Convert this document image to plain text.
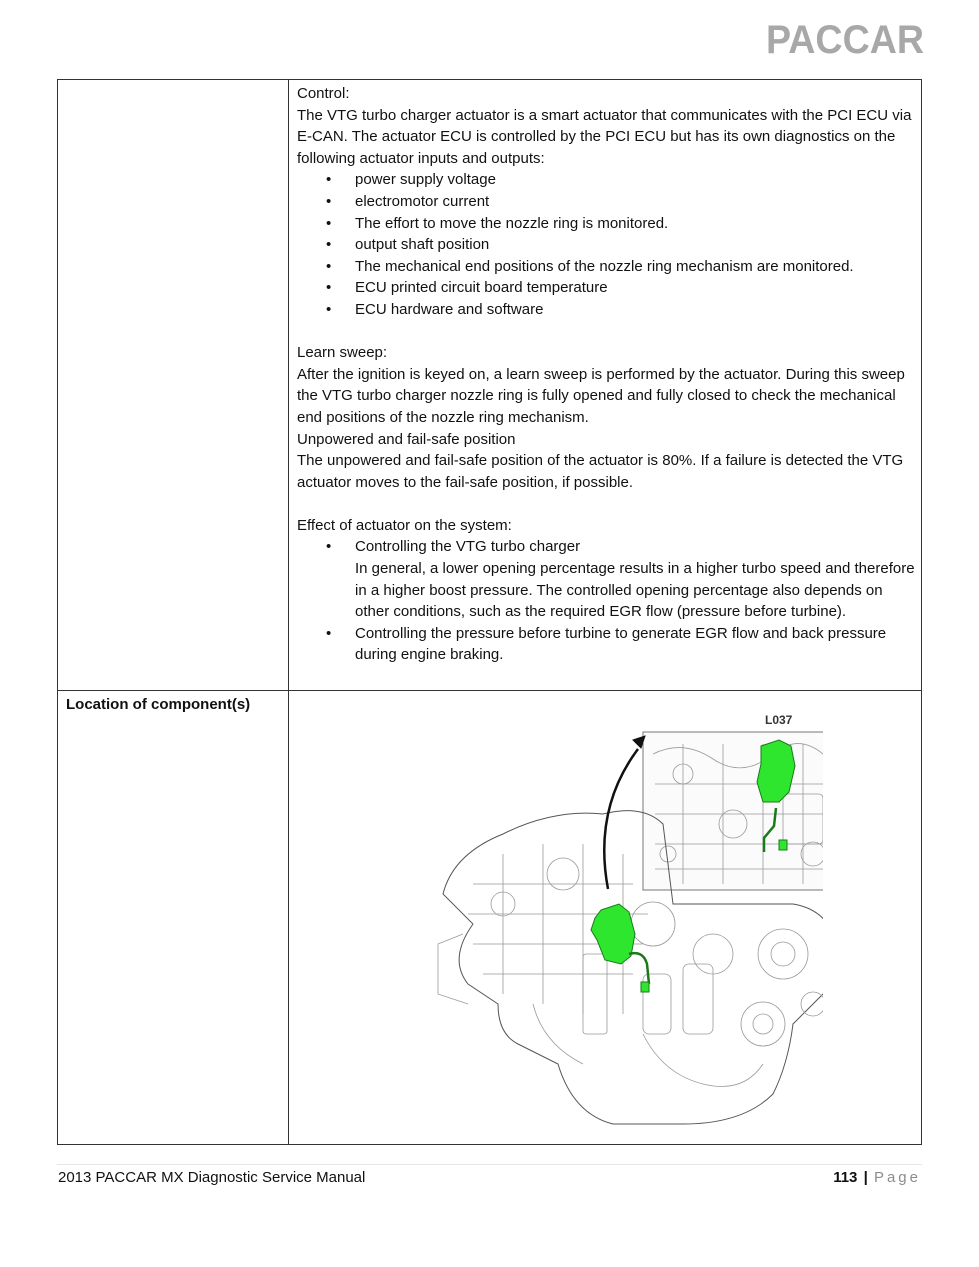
PACCAR

Control:

The VTG turbo charger actuator is a smart actuator that communicates with the PCI ECU via E-CAN. The actuator ECU is controlled by the PCI ECU but has its own diagnostics on the following actuator inputs and outputs:

• power supply voltage
• electromotor current
• The effort to move the nozzle ring is monitored.
• output shaft position
• The mechanical end positions of the nozzle ring mechanism are monitored.
• ECU printed circuit board temperature
• ECU hardware and software

Learn sweep:

After the ignition is keyed on, a learn sweep is performed by the actuator. During this sweep the VTG turbo charger nozzle ring is fully opened and fully closed to check the mechanical end positions of the nozzle ring mechanism.

Unpowered and fail-safe position

The unpowered and fail-safe position of the actuator is 80%. If a failure is detected the VTG actuator moves to the fail-safe position, if possible.

Effect of actuator on the system:

• Controlling the VTG turbo charger
In general, a lower opening percentage results in a higher turbo speed and therefore in a higher boost pressure. The controlled opening percentage also depends on other conditions, such as the required EGR flow (pressure before turbine).
• Controlling the pressure before turbine to generate EGR flow and back pressure during engine braking.
Location of component(s)
L037
2013 PACCAR MX Diagnostic Service Manual	113 | Page
